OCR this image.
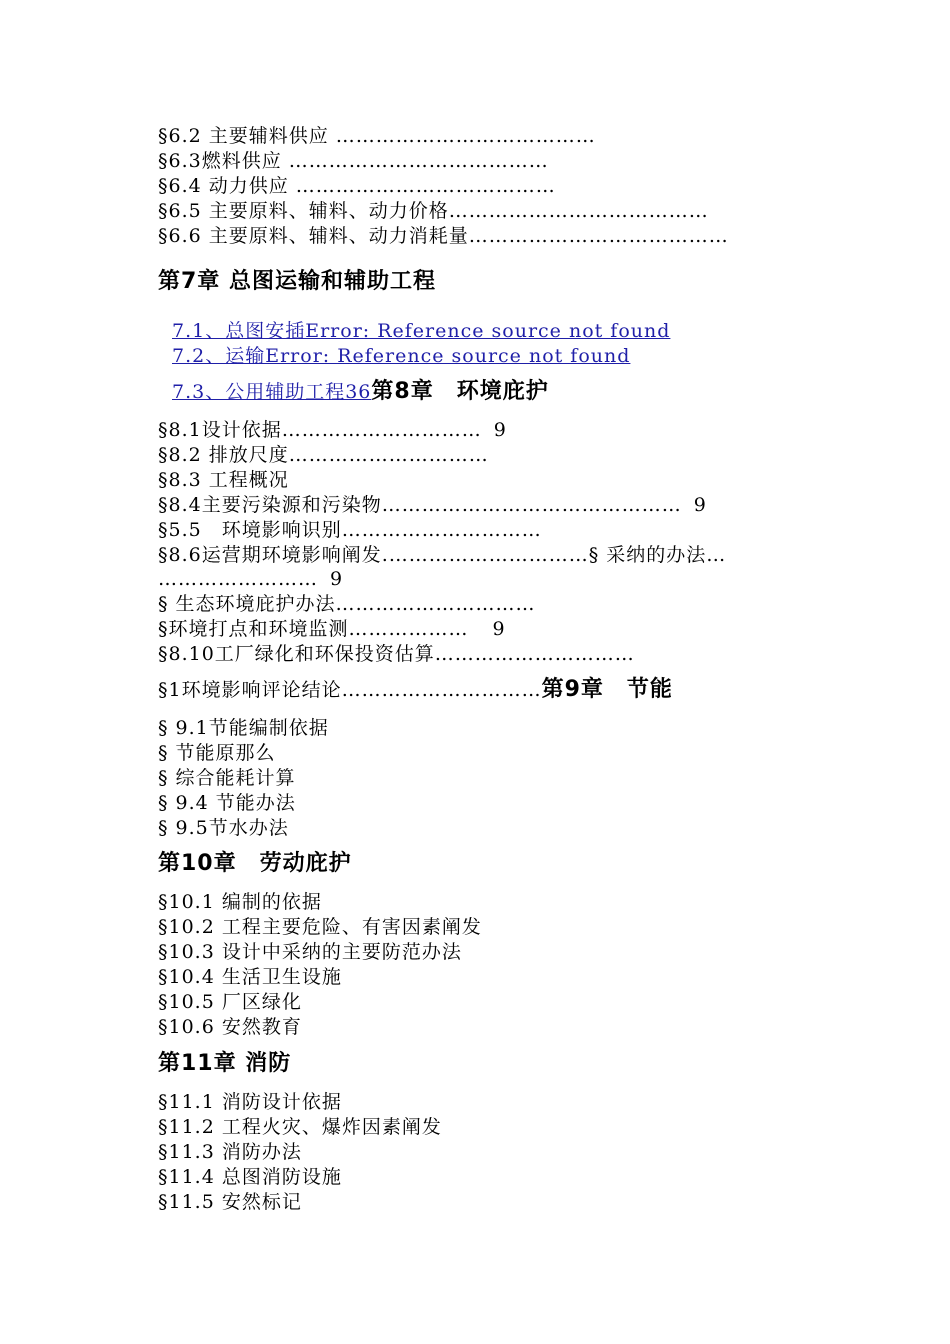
§6.2 主要辅料供应 …………………………………
§6.3燃料供应 …………………………………
§6.4 动力供应 …………………………………
§6.5 主要原料、辅料、动力价格…………………………………
§6.6 主要原料、辅料、动力消耗量…………………………………
第7章 总图运输和辅助工程
7.1、总图安插Error: Reference source not found
7.2、运输Error: Reference source not found
7.3、公用辅助工程36第8章　环境庇护
§8.1设计依据………………………… 9
§8.2 排放尺度…………………………
§8.3 工程概况
§8.4主要污染源和污染物……………………………………… 9
§5.5　环境影响识别…………………………
§8.6运营期环境影响阐发.…………………………§ 采纳的办法…
…………………… 9
§ 生态环境庇护办法…………………………
§环境打点和环境监测……………… 9
§8.10工厂绿化和环保投资估算…………………………
§1环境影响评论结论…………………………第9章　节能
§ 9.1节能编制依据
§ 节能原那么
§ 综合能耗计算
§ 9.4 节能办法
§ 9.5节水办法
第10章　劳动庇护
§10.1 编制的依据
§10.2 工程主要危险、有害因素阐发
§10.3 设计中采纳的主要防范办法
§10.4 生活卫生设施
§10.5 厂区绿化
§10.6 安然教育
第11章 消防
§11.1 消防设计依据
§11.2 工程火灾、爆炸因素阐发
§11.3 消防办法
§11.4 总图消防设施
§11.5 安然标记
